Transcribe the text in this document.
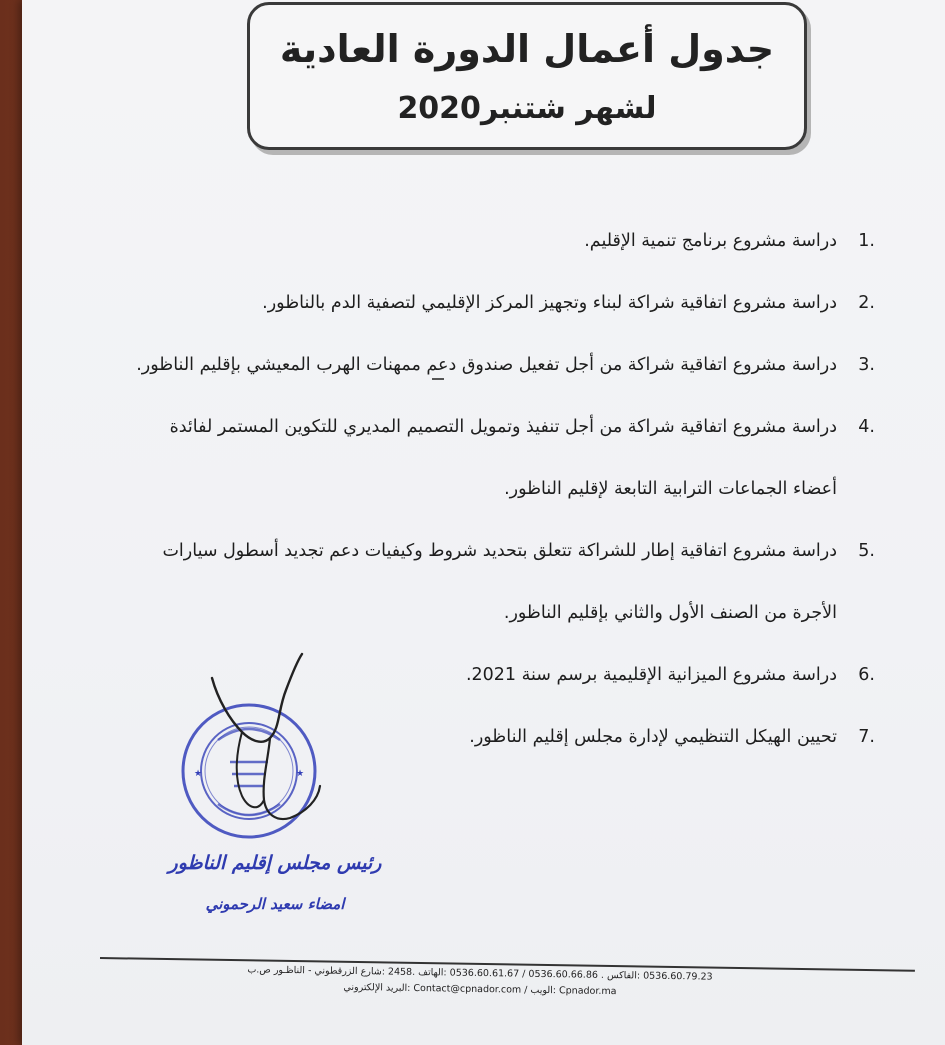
جدول أعمال الدورة العادية
لشهر شتنبر2020
1.
دراسة مشروع برنامج تنمية الإقليم.
2.
دراسة مشروع اتفاقية شراكة لبناء وتجهيز المركز الإقليمي لتصفية الدم بالناظور.
3.
دراسة مشروع اتفاقية شراكة من أجل تفعيل صندوق دعم ممهنات الهرب المعيشي بإقليم الناظور.
4.
دراسة مشروع اتفاقية شراكة من أجل تنفيذ وتمويل التصميم المديري للتكوين المستمر لفائدة أعضاء الجماعات الترابية التابعة لإقليم الناظور.
5.
دراسة مشروع اتفاقية إطار للشراكة تتعلق بتحديد شروط وكيفيات دعم تجديد أسطول سيارات الأجرة من الصنف الأول والثاني بإقليم الناظور.
6.
دراسة مشروع الميزانية الإقليمية برسم سنة 2021.
7.
تحيين الهيكل التنظيمي لإدارة مجلس إقليم الناظور.
★	★
رئيس مجلس إقليم الناظور
امضاء سعيد الرحموني
0536.60.79.23 :الفاكس . 0536.60.66.86 / 0536.60.61.67 :الهاتف .2458 :شارع الزرقطوني - الناظـور ص.ب
Cpnador.ma :الويب / Contact@cpnador.com :البريد الإلكتروني
